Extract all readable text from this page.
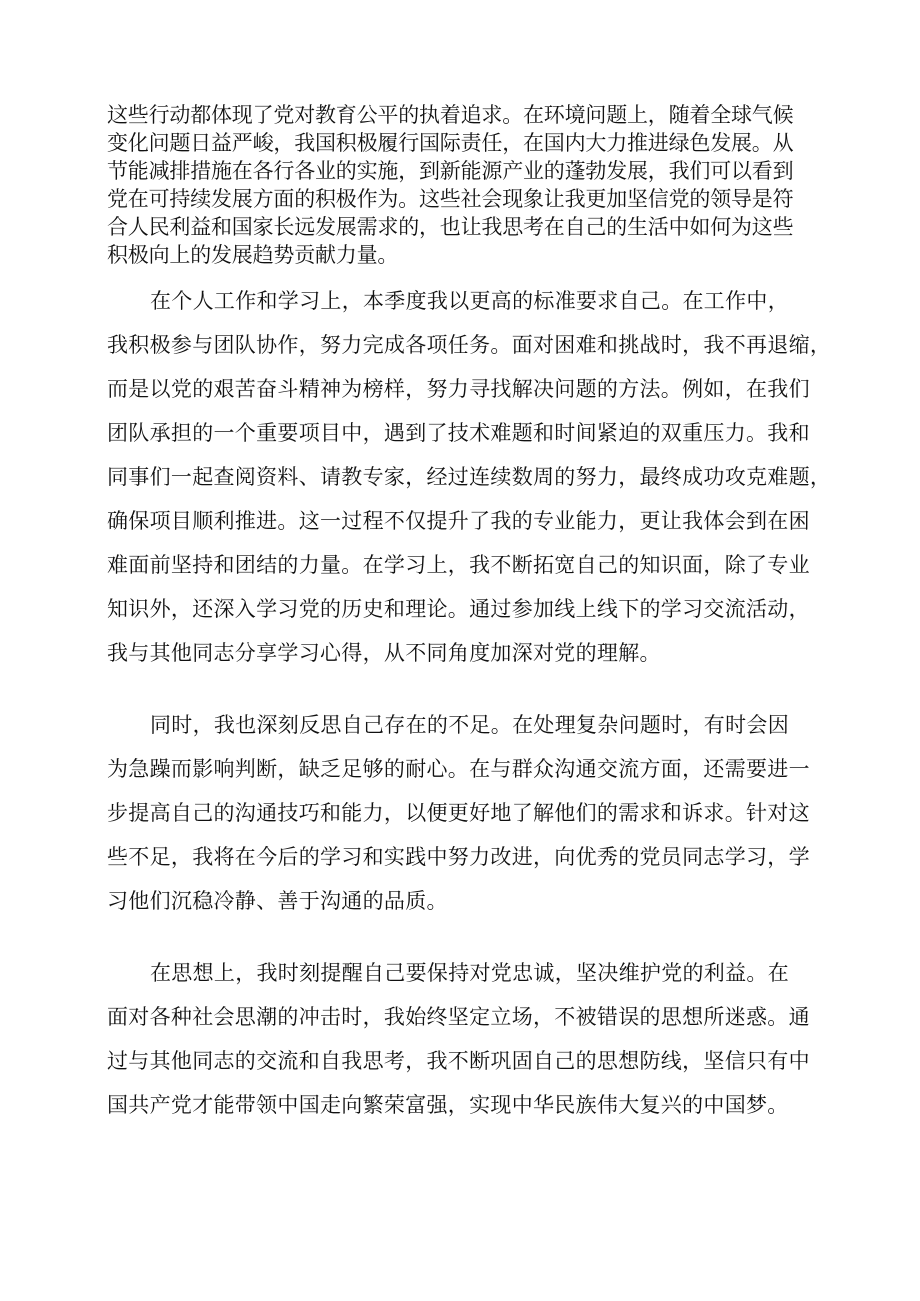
这些行动都体现了党对教育公平的执着追求。在环境问题上，随着全球气候
变化问题日益严峻，我国积极履行国际责任，在国内大力推进绿色发展。从
节能减排措施在各行各业的实施，到新能源产业的蓬勃发展，我们可以看到
党在可持续发展方面的积极作为。这些社会现象让我更加坚信党的领导是符
合人民利益和国家长远发展需求的，也让我思考在自己的生活中如何为这些
积极向上的发展趋势贡献力量。
在个人工作和学习上，本季度我以更高的标准要求自己。在工作中，
我积极参与团队协作，努力完成各项任务。面对困难和挑战时，我不再退缩，
而是以党的艰苦奋斗精神为榜样，努力寻找解决问题的方法。例如，在我们
团队承担的一个重要项目中，遇到了技术难题和时间紧迫的双重压力。我和
同事们一起查阅资料、请教专家，经过连续数周的努力，最终成功攻克难题，
确保项目顺利推进。这一过程不仅提升了我的专业能力，更让我体会到在困
难面前坚持和团结的力量。在学习上，我不断拓宽自己的知识面，除了专业
知识外，还深入学习党的历史和理论。通过参加线上线下的学习交流活动，
我与其他同志分享学习心得，从不同角度加深对党的理解。
同时，我也深刻反思自己存在的不足。在处理复杂问题时，有时会因
为急躁而影响判断，缺乏足够的耐心。在与群众沟通交流方面，还需要进一
步提高自己的沟通技巧和能力，以便更好地了解他们的需求和诉求。针对这
些不足，我将在今后的学习和实践中努力改进，向优秀的党员同志学习，学
习他们沉稳冷静、善于沟通的品质。
在思想上，我时刻提醒自己要保持对党忠诚，坚决维护党的利益。在
面对各种社会思潮的冲击时，我始终坚定立场，不被错误的思想所迷惑。通
过与其他同志的交流和自我思考，我不断巩固自己的思想防线，坚信只有中
国共产党才能带领中国走向繁荣富强，实现中华民族伟大复兴的中国梦。
